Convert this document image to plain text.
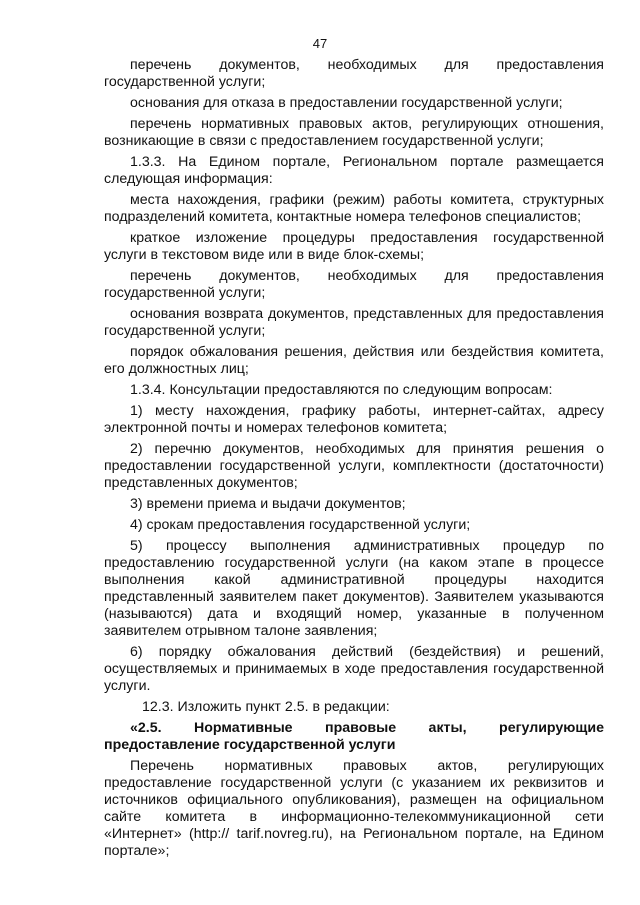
47
перечень документов, необходимых для предоставления государственной услуги;
основания для отказа в предоставлении государственной услуги;
перечень нормативных правовых актов, регулирующих отношения, возникающие в связи с предоставлением государственной услуги;
1.3.3. На Едином портале, Региональном портале размещается следующая информация:
места нахождения, графики (режим) работы комитета, структурных подразделений комитета, контактные номера телефонов специалистов;
краткое изложение процедуры предоставления государственной услуги в текстовом виде или в виде блок-схемы;
перечень документов, необходимых для предоставления государственной услуги;
основания возврата документов, представленных для предоставления государственной услуги;
порядок обжалования решения, действия или бездействия комитета, его должностных лиц;
1.3.4. Консультации предоставляются по следующим вопросам:
1) месту нахождения, графику работы, интернет-сайтах, адресу электронной почты и номерах телефонов комитета;
2) перечню документов, необходимых для принятия решения о предоставлении государственной услуги, комплектности (достаточности) представленных документов;
3) времени приема и выдачи документов;
4) срокам предоставления государственной услуги;
5) процессу выполнения административных процедур по предоставлению государственной услуги (на каком этапе в процессе выполнения какой административной процедуры находится представленный заявителем пакет документов). Заявителем указываются (называются) дата и входящий номер, указанные в полученном заявителем отрывном талоне заявления;
6) порядку обжалования действий (бездействия) и решений, осуществляемых и принимаемых в ходе предоставления государственной услуги.
12.3. Изложить пункт 2.5. в редакции:
«2.5. Нормативные правовые акты, регулирующие предоставление государственной услуги
Перечень нормативных правовых актов, регулирующих предоставление государственной услуги (с указанием их реквизитов и источников официального опубликования), размещен на официальном сайте комитета в информационно-телекоммуникационной сети «Интернет» (http:// tarif.novreg.ru), на Региональном портале, на Едином портале»;
